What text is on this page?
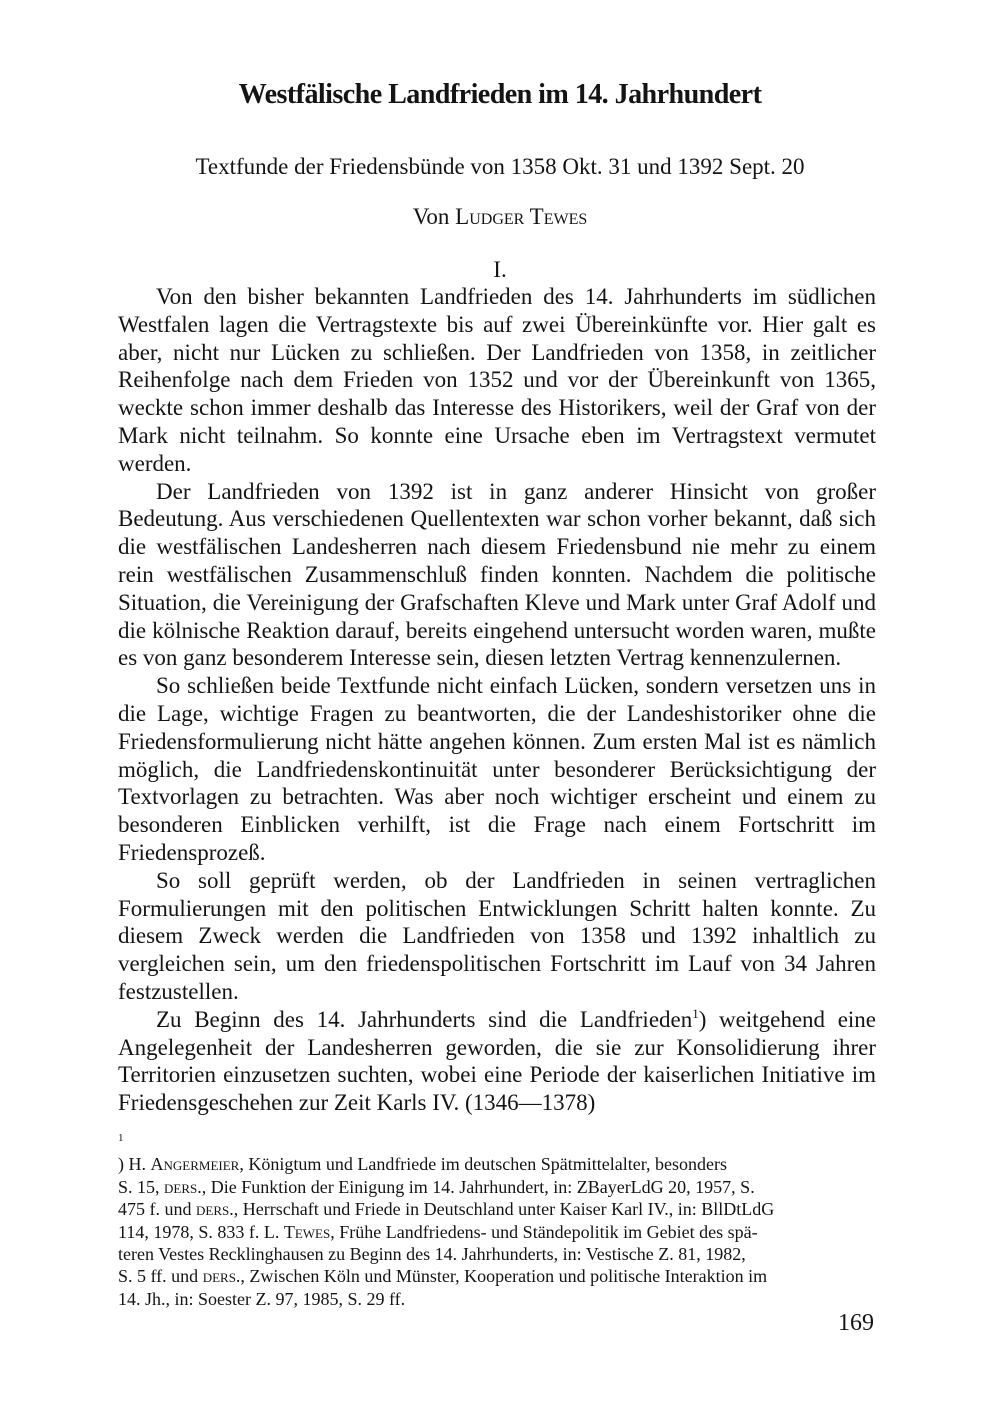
Westfälische Landfrieden im 14. Jahrhundert
Textfunde der Friedensbünde von 1358 Okt. 31 und 1392 Sept. 20
Von Ludger Tewes
I.

Von den bisher bekannten Landfrieden des 14. Jahrhunderts im südlichen Westfalen lagen die Vertragstexte bis auf zwei Übereinkünfte vor. Hier galt es aber, nicht nur Lücken zu schließen. Der Landfrieden von 1358, in zeitlicher Reihenfolge nach dem Frieden von 1352 und vor der Übereinkunft von 1365, weckte schon immer deshalb das Interesse des Historikers, weil der Graf von der Mark nicht teilnahm. So konnte eine Ursache eben im Vertragstext vermutet werden.

Der Landfrieden von 1392 ist in ganz anderer Hinsicht von großer Bedeutung. Aus verschiedenen Quellentexten war schon vorher bekannt, daß sich die westfälischen Landesherren nach diesem Friedensbund nie mehr zu einem rein westfälischen Zusammenschluß finden konnten. Nachdem die politische Situation, die Vereinigung der Grafschaften Kleve und Mark unter Graf Adolf und die kölnische Reaktion darauf, bereits eingehend untersucht worden waren, mußte es von ganz besonderem Interesse sein, diesen letzten Vertrag kennenzulernen.

So schließen beide Textfunde nicht einfach Lücken, sondern versetzen uns in die Lage, wichtige Fragen zu beantworten, die der Landeshistoriker ohne die Friedensformulierung nicht hätte angehen können. Zum ersten Mal ist es nämlich möglich, die Landfriedenskontinuität unter besonderer Berücksichtigung der Textvorlagen zu betrachten. Was aber noch wichtiger erscheint und einem zu besonderen Einblicken verhilft, ist die Frage nach einem Fortschritt im Friedensprozeß.

So soll geprüft werden, ob der Landfrieden in seinen vertraglichen Formulierungen mit den politischen Entwicklungen Schritt halten konnte. Zu diesem Zweck werden die Landfrieden von 1358 und 1392 inhaltlich zu vergleichen sein, um den friedenspolitischen Fortschritt im Lauf von 34 Jahren festzustellen.

Zu Beginn des 14. Jahrhunderts sind die Landfrieden$^1$) weitgehend eine Angelegenheit der Landesherren geworden, die sie zur Konsolidierung ihrer Territorien einzusetzen suchten, wobei eine Periode der kaiserlichen Initiative im Friedensgeschehen zur Zeit Karls IV. (1346—1378)

$^1$
) H. Angermeier, Königtum und Landfriede im deutschen Spätmittelalter, besonders
S. 15, ders., Die Funktion der Einigung im 14. Jahrhundert, in: ZBayerLdG 20, 1957, S.
475 f. und ders., Herrschaft und Friede in Deutschland unter Kaiser Karl IV., in: BllDtLdG
114, 1978, S. 833 f. L. Tewes, Frühe Landfriedens- und Ständepolitik im Gebiet des spä-
teren Vestes Recklinghausen zu Beginn des 14. Jahrhunderts, in: Vestische Z. 81, 1982,
S. 5 ff. und ders., Zwischen Köln und Münster, Kooperation und politische Interaktion im
14. Jh., in: Soester Z. 97, 1985, S. 29 ff.

169
